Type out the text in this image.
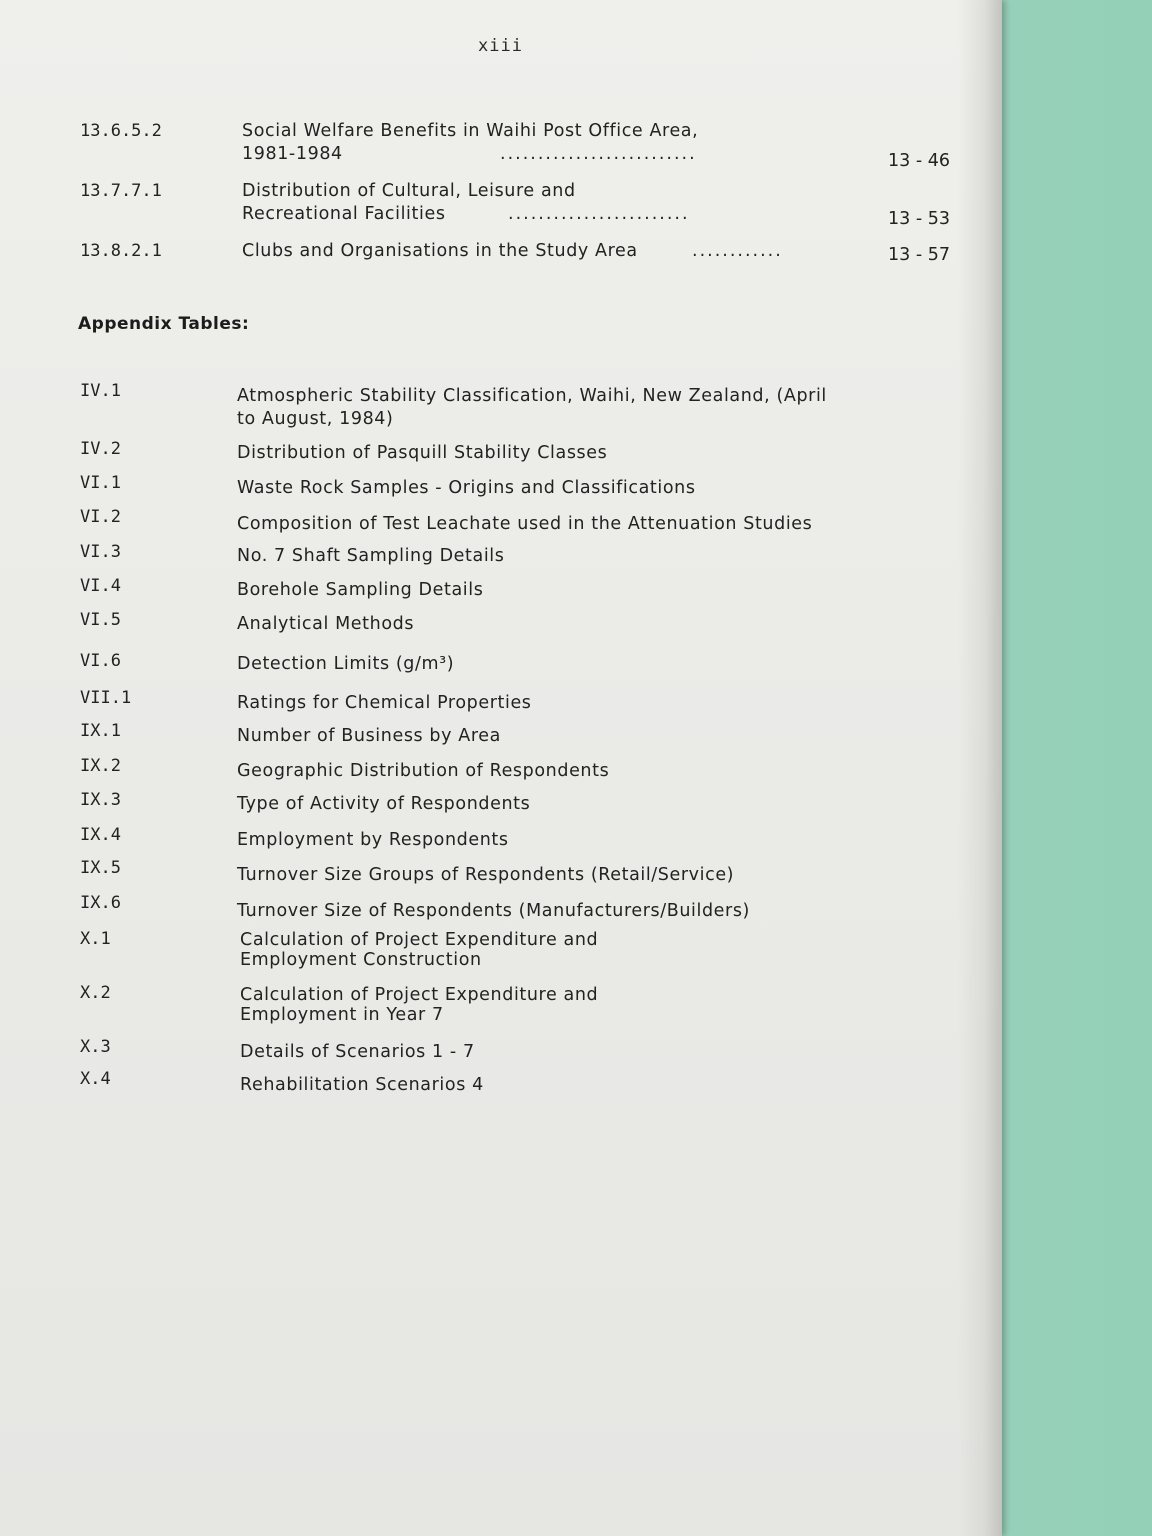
xiii
13.6.5.2	Social Welfare Benefits in Waihi Post Office Area,
1981-1984	..........................	13 - 46
13.7.7.1	Distribution of Cultural, Leisure and
Recreational Facilities	........................	13 - 53
13.8.2.1	Clubs and Organisations in the Study Area	............	13 - 57
Appendix Tables:
IV.1	Atmospheric Stability Classification, Waihi, New Zealand, (April
to August, 1984)
IV.2	Distribution of Pasquill Stability Classes
VI.1	Waste Rock Samples - Origins and Classifications
VI.2	Composition of Test Leachate used in the Attenuation Studies
VI.3	No. 7 Shaft Sampling Details
VI.4	Borehole Sampling Details
VI.5	Analytical Methods
VI.6	Detection Limits (g/m³)
VII.1	Ratings for Chemical Properties
IX.1	Number of Business by Area
IX.2	Geographic Distribution of Respondents
IX.3	Type of Activity of Respondents
IX.4	Employment by Respondents
IX.5	Turnover Size Groups of Respondents (Retail/Service)
IX.6	Turnover Size of Respondents (Manufacturers/Builders)
X.1	Calculation of Project Expenditure and
Employment Construction
X.2	Calculation of Project Expenditure and
Employment in Year 7
X.3	Details of Scenarios 1 - 7
X.4	Rehabilitation Scenarios 4
